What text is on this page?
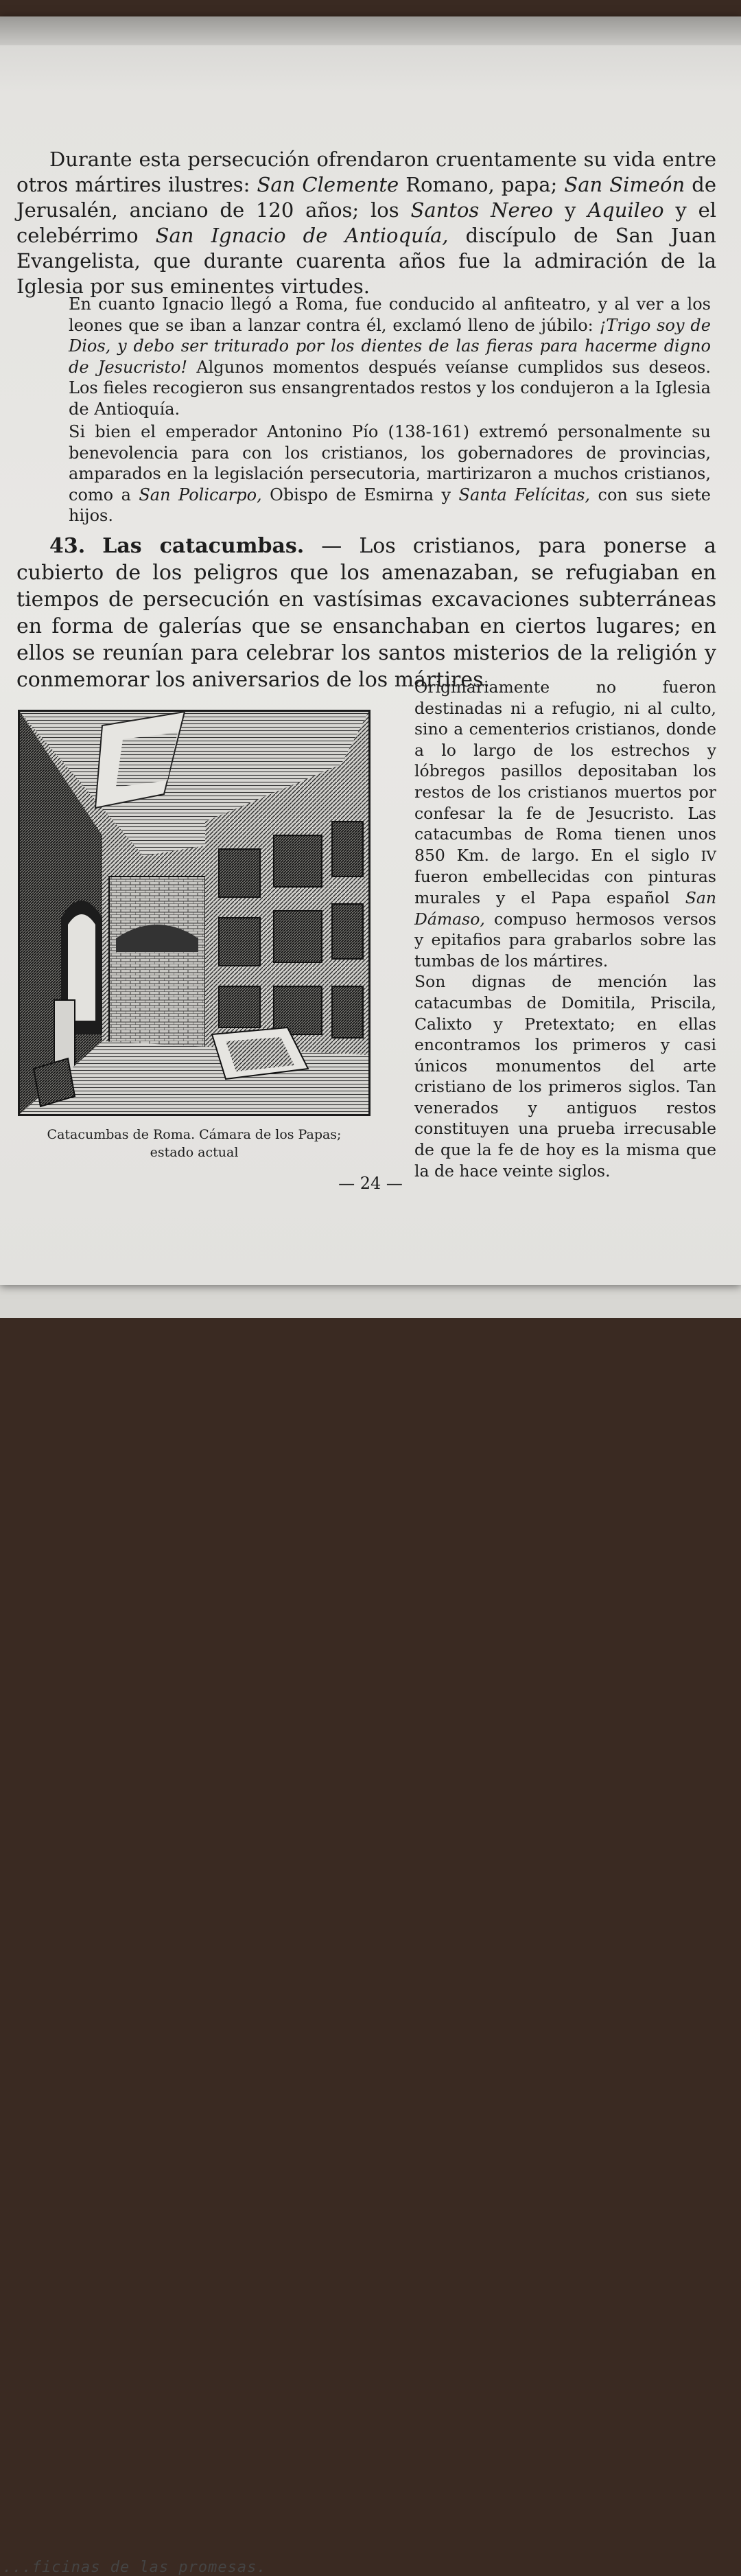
...ficinas de las promesas.

Durante esta persecución ofrendaron cruentamente su vida entre otros mártires ilustres: San Clemente Romano, papa; San Simeón de Jerusalén, anciano de 120 años; los Santos Nereo y Aquileo y el celebérrimo San Ignacio de Antioquía, discípulo de San Juan Evangelista, que durante cuarenta años fue la admiración de la Iglesia por sus eminentes virtudes.

En cuanto Ignacio llegó a Roma, fue conducido al anfiteatro, y al ver a los leones que se iban a lanzar contra él, exclamó lleno de júbilo: ¡Trigo soy de Dios, y debo ser triturado por los dientes de las fieras para hacerme digno de Jesucristo! Algunos momentos después veíanse cumplidos sus deseos. Los fieles recogieron sus ensangrentados restos y los condujeron a la Iglesia de Antioquía.

Si bien el emperador Antonino Pío (138-161) extremó personalmente su benevolencia para con los cristianos, los gobernadores de provincias, amparados en la legislación persecutoria, martirizaron a muchos cristianos, como a San Policarpo, Obispo de Esmirna y Santa Felícitas, con sus siete hijos.

43. Las catacumbas. — Los cristianos, para ponerse a cubierto de los peligros que los amenazaban, se refugiaban en tiempos de persecución en vastísimas excavaciones subterráneas en forma de galerías que se ensanchaban en ciertos lugares; en ellos se reunían para celebrar los santos misterios de la religión y conmemorar los aniversarios de los mártires.

Catacumbas de Roma. Cámara de los Papas;
estado actual

Originariamente no fueron destinadas ni a refugio, ni al culto, sino a cementerios cristianos, donde a lo largo de los estrechos y lóbregos pasillos depositaban los restos de los cristianos muertos por confesar la fe de Jesucristo. Las catacumbas de Roma tienen unos 850 Km. de largo. En el siglo IV fueron embellecidas con pinturas murales y el Papa español San Dámaso, compuso hermosos versos y epitafios para grabarlos sobre las tumbas de los mártires.

Son dignas de mención las catacumbas de Domitila, Priscila, Calixto y Pretextato; en ellas encontramos los primeros y casi únicos monumentos del arte cristiano de los primeros siglos. Tan venerados y antiguos restos constituyen una prueba irrecusable de que la fe de hoy es la misma que la de hace veinte siglos.

— 24 —
